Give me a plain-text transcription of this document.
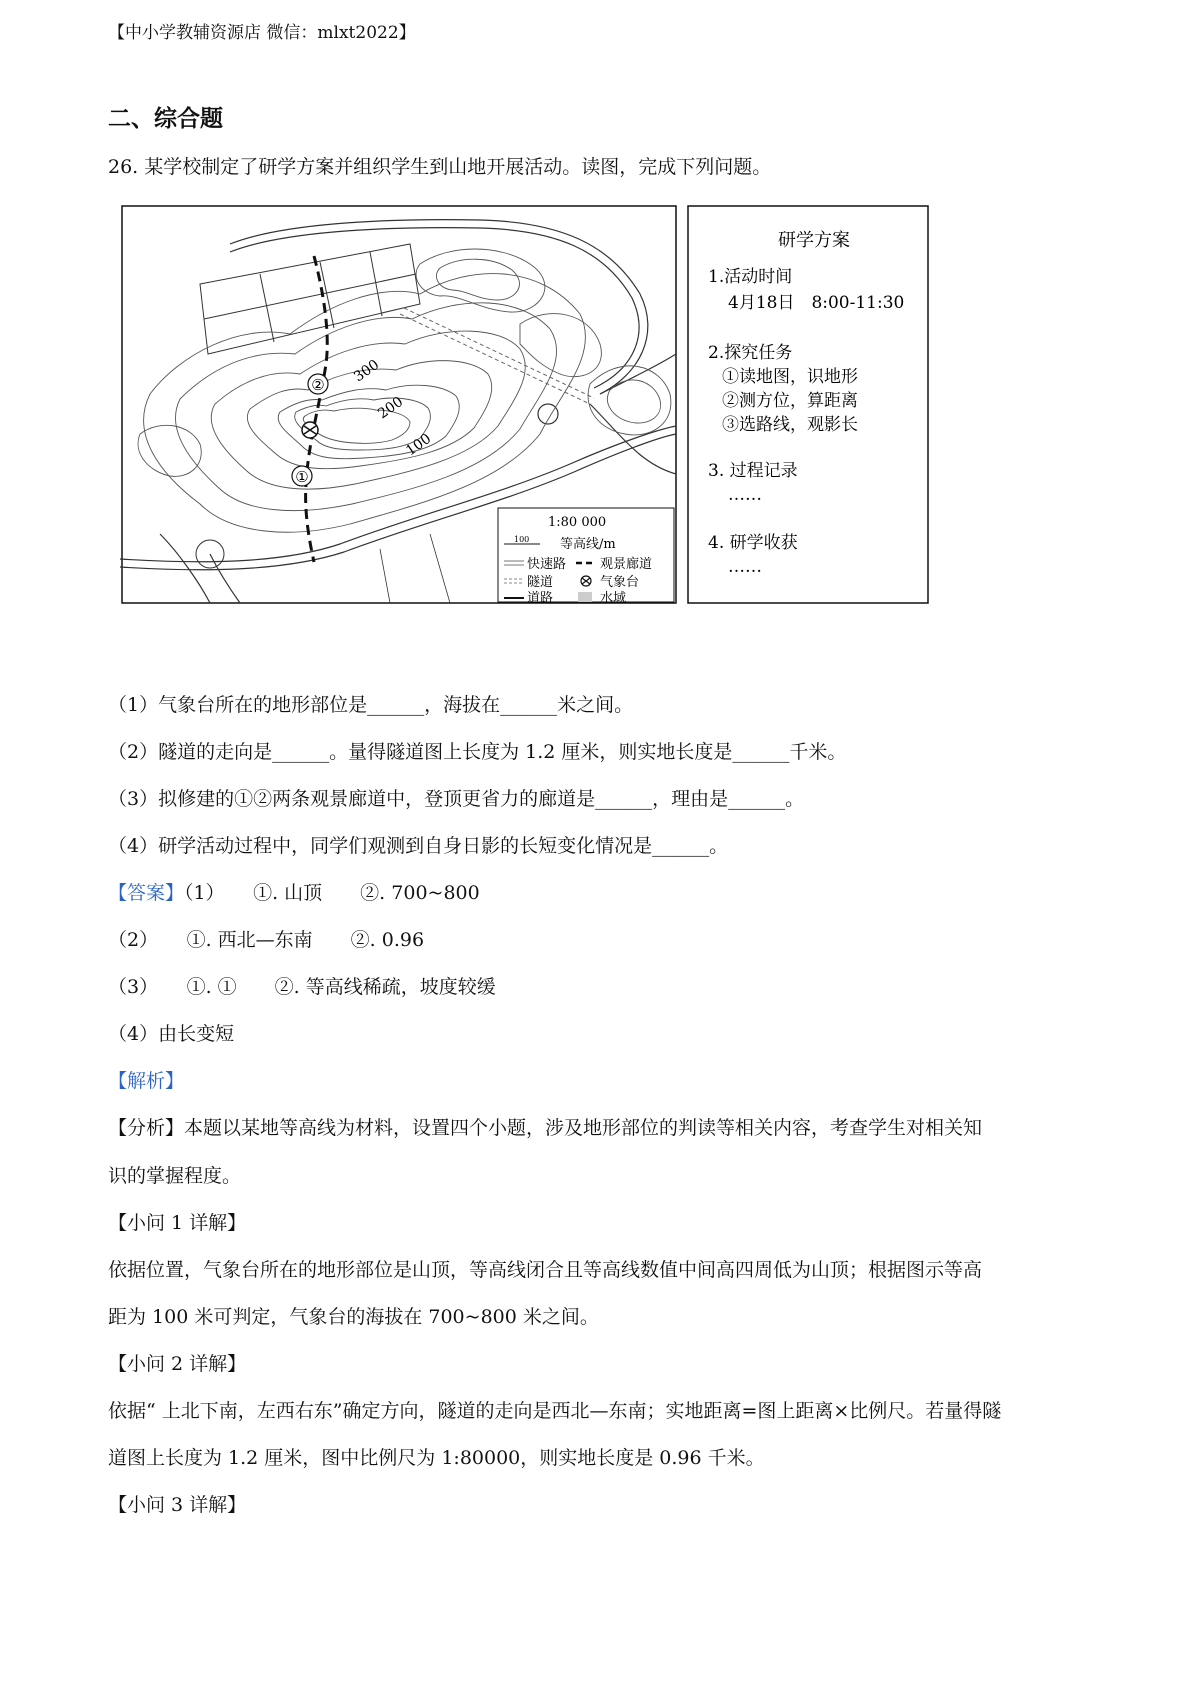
【中小学教辅资源店 微信：mlxt2022】
二、综合题
26. 某学校制定了研学方案并组织学生到山地开展活动。读图，完成下列问题。
300
200
100
①
②
1:80 000
100 等高线/m
快速路	观景廊道
隧道	气象台
道路	水域
研学方案
1.活动时间
4月18日　8:00-11:30
2.探究任务
①读地图，识地形
②测方位，算距离
③选路线，观影长
3. 过程记录
……
4. 研学收获
……
（1）气象台所在的地形部位是______，海拔在______米之间。
（2）隧道的走向是______。量得隧道图上长度为 1.2 厘米，则实地长度是______千米。
（3）拟修建的①②两条观景廊道中，登顶更省力的廊道是______，理由是______。
（4）研学活动过程中，同学们观测到自身日影的长短变化情况是______。
【答案】（1）　　①. 山顶　　②. 700~800
（2）　　①. 西北—东南　　②. 0.96
（3）　　①. ①　　②. 等高线稀疏，坡度较缓
（4）由长变短
【解析】
【分析】本题以某地等高线为材料，设置四个小题，涉及地形部位的判读等相关内容，考查学生对相关知
识的掌握程度。
【小问 1 详解】
依据位置，气象台所在的地形部位是山顶，等高线闭合且等高线数值中间高四周低为山顶；根据图示等高
距为 100 米可判定，气象台的海拔在 700~800 米之间。
【小问 2 详解】
依据“ 上北下南，左西右东”确定方向，隧道的走向是西北—东南；实地距离=图上距离×比例尺。若量得隧
道图上长度为 1.2 厘米，图中比例尺为 1:80000，则实地长度是 0.96 千米。
【小问 3 详解】
